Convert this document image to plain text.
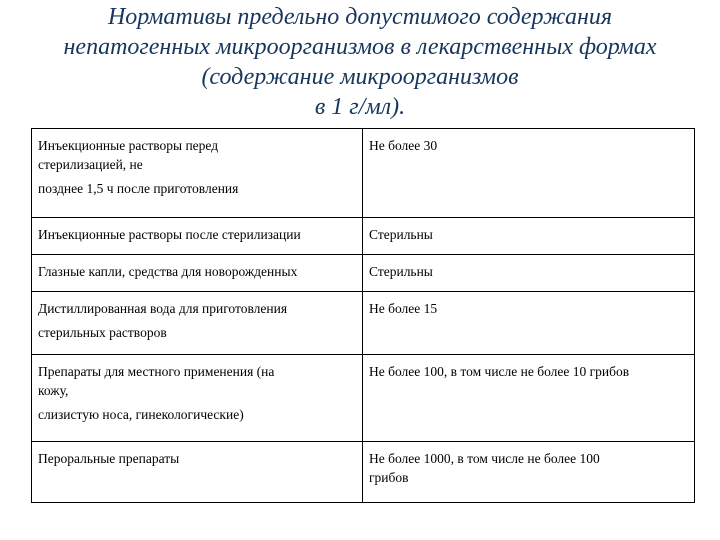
Нормативы предельно допустимого содержания
непатогенных микроорганизмов в лекарственных формах
(содержание микроорганизмов
в 1 г/мл).
Инъекционные растворы перед
стерилизацией, не
позднее 1,5 ч после приготовления	Не более 30

Инъекционные растворы после стерилизации	Стерильны

Глазные капли, средства для новорожденных	Стерильны

Дистиллированная вода для приготовления
стерильных растворов	Не более 15

Препараты для местного применения (на
кожу,
слизистую носа, гинекологические)	Не более 100, в том числе не более 10 грибов

Пероральные препараты	Не более 1000, в том числе не более 100
грибов
